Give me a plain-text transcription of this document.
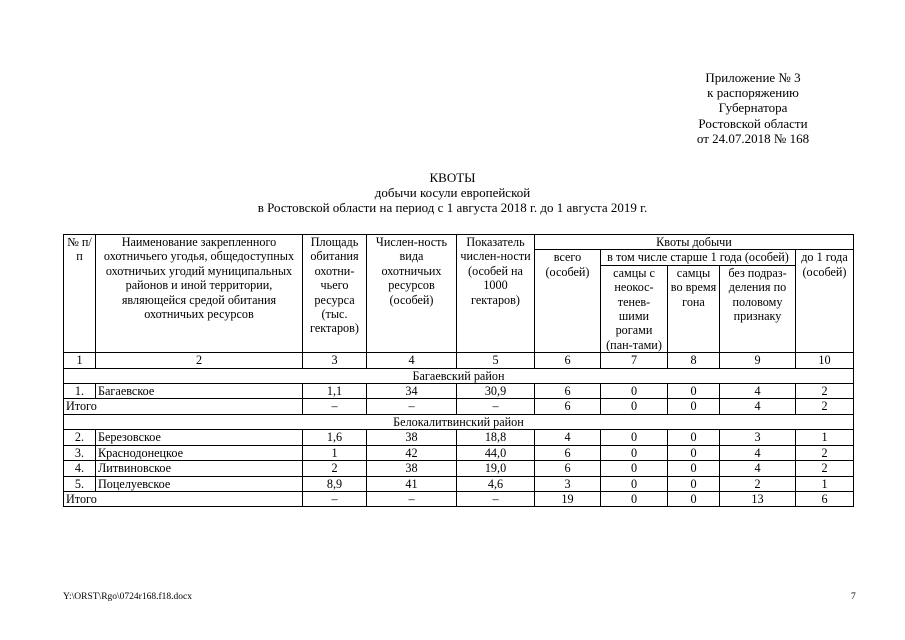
Приложение № 3
к распоряжению
Губернатора
Ростовской области
от 24.07.2018 № 168
КВОТЫ
добычи косули европейской
в Ростовской области на период с 1 августа 2018 г. до 1 августа 2019 г.
№ п/п	Наименование закрепленного охотничьего угодья, общедоступных охотничьих угодий муниципальных районов и иной территории, являющейся средой обитания охотничьих ресурсов	Площадь обитания охотни-чьего ресурса (тыс. гектаров)	Числен-ность вида охотничьих ресурсов (особей)	Показатель числен-ности (особей на 1000 гектаров)	Квоты добычи				
					всего (особей)	в том числе старше 1 года (особей)			до 1 года (особей)
						самцы с неокос-тенев-шими рогами (пан-тами)	самцы во время гона	без подраз-деления по половому признаку	
1	2	3	4	5	6	7	8	9	10
Багаевский район									
1.	Багаевское	1,1	34	30,9	6	0	0	4	2
Итого		–	–	–	6	0	0	4	2
Белокалитвинский район									
2.	Березовское	1,6	38	18,8	4	0	0	3	1
3.	Краснодонецкое	1	42	44,0	6	0	0	4	2
4.	Литвиновское	2	38	19,0	6	0	0	4	2
5.	Поцелуевское	8,9	41	4,6	3	0	0	2	1
Итого		–	–	–	19	0	0	13	6
Y:\ORST\Rgo\0724r168.f18.docx	7
